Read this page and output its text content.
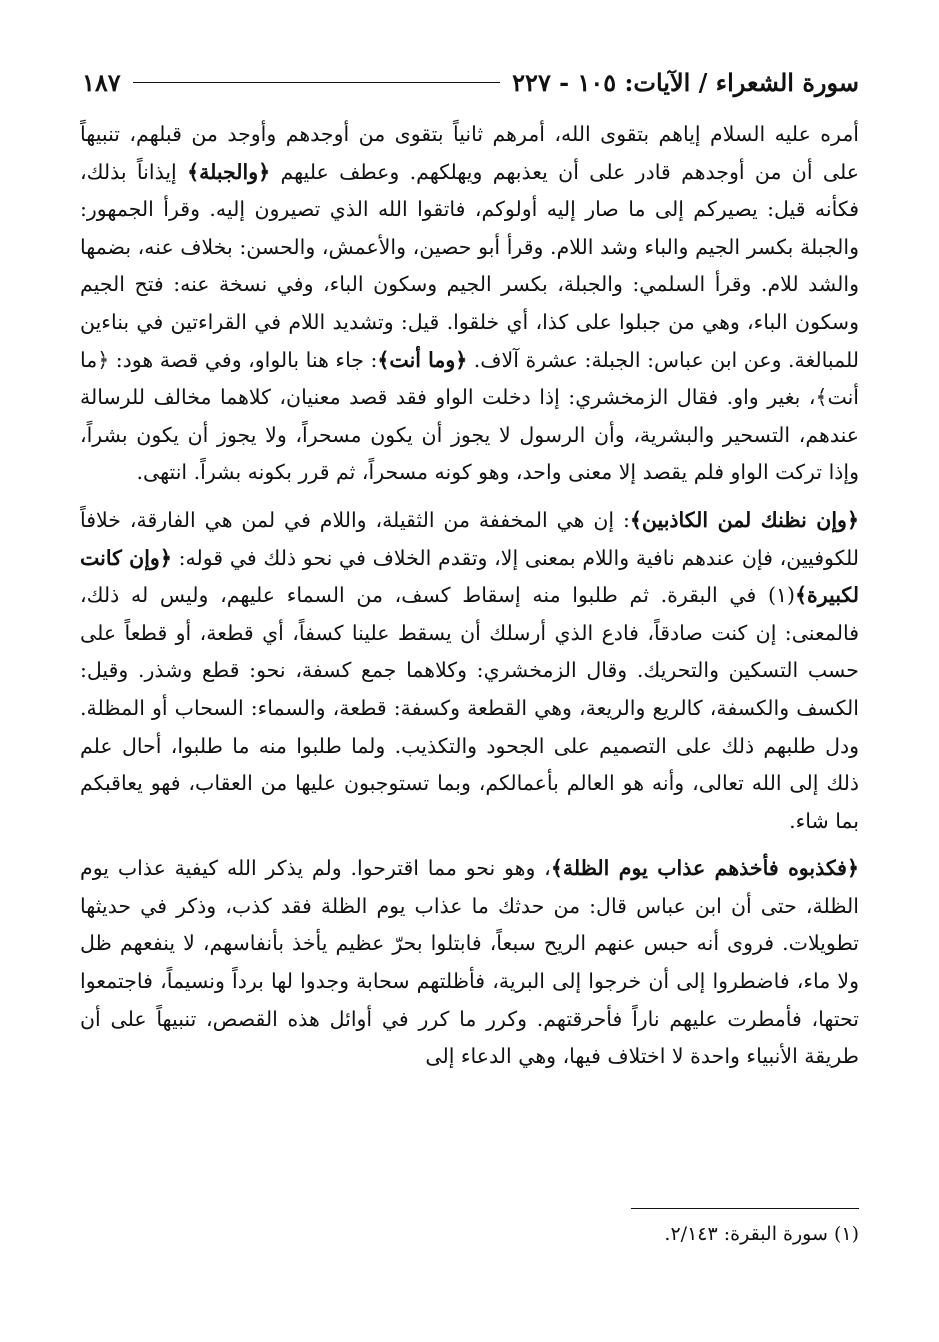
سورة الشعراء / الآيات: ١٠٥ - ٢٢٧
١٨٧

أمره عليه السلام إياهم بتقوى الله، أمرهم ثانياً بتقوى من أوجدهم وأوجد من قبلهم، تنبيهاً على أن من أوجدهم قادر على أن يعذبهم ويهلكهم. وعطف عليهم ﴿والجبلة﴾ إيذاناً بذلك، فكأنه قيل: يصيركم إلى ما صار إليه أولوكم، فاتقوا الله الذي تصيرون إليه. وقرأ الجمهور: والجبلة بكسر الجيم والباء وشد اللام. وقرأ أبو حصين، والأعمش، والحسن: بخلاف عنه، بضمها والشد للام. وقرأ السلمي: والجبلة، بكسر الجيم وسكون الباء، وفي نسخة عنه: فتح الجيم وسكون الباء، وهي من جبلوا على كذا، أي خلقوا. قيل: وتشديد اللام في القراءتين في بناءين للمبالغة. وعن ابن عباس: الجبلة: عشرة آلاف. ﴿وما أنت﴾: جاء هنا بالواو، وفي قصة هود: ﴿ما أنت﴾، بغير واو. فقال الزمخشري: إذا دخلت الواو فقد قصد معنيان، كلاهما مخالف للرسالة عندهم، التسحير والبشرية، وأن الرسول لا يجوز أن يكون مسحراً، ولا يجوز أن يكون بشراً، وإذا تركت الواو فلم يقصد إلا معنى واحد، وهو كونه مسحراً، ثم قرر بكونه بشراً. انتهى.

﴿وإن نظنك لمن الكاذبين﴾: إن هي المخففة من الثقيلة، واللام في لمن هي الفارقة، خلافاً للكوفيين، فإن عندهم نافية واللام بمعنى إلا، وتقدم الخلاف في نحو ذلك في قوله: ﴿وإن كانت لكبيرة﴾(١) في البقرة. ثم طلبوا منه إسقاط كسف، من السماء عليهم، وليس له ذلك، فالمعنى: إن كنت صادقاً، فادع الذي أرسلك أن يسقط علينا كسفاً، أي قطعة، أو قطعاً على حسب التسكين والتحريك. وقال الزمخشري: وكلاهما جمع كسفة، نحو: قطع وشذر. وقيل: الكسف والكسفة، كالريع والريعة، وهي القطعة وكسفة: قطعة، والسماء: السحاب أو المظلة. ودل طلبهم ذلك على التصميم على الجحود والتكذيب. ولما طلبوا منه ما طلبوا، أحال علم ذلك إلى الله تعالى، وأنه هو العالم بأعمالكم، وبما تستوجبون عليها من العقاب، فهو يعاقبكم بما شاء.

﴿فكذبوه فأخذهم عذاب يوم الظلة﴾، وهو نحو مما اقترحوا. ولم يذكر الله كيفية عذاب يوم الظلة، حتى أن ابن عباس قال: من حدثك ما عذاب يوم الظلة فقد كذب، وذكر في حديثها تطويلات. فروى أنه حبس عنهم الريح سبعاً، فابتلوا بحرّ عظيم يأخذ بأنفاسهم، لا ينفعهم ظل ولا ماء، فاضطروا إلى أن خرجوا إلى البرية، فأظلتهم سحابة وجدوا لها برداً ونسيماً، فاجتمعوا تحتها، فأمطرت عليهم ناراً فأحرقتهم. وكرر ما كرر في أوائل هذه القصص، تنبيهاً على أن طريقة الأنبياء واحدة لا اختلاف فيها، وهي الدعاء إلى

(١) سورة البقرة: ٢/١٤٣.
